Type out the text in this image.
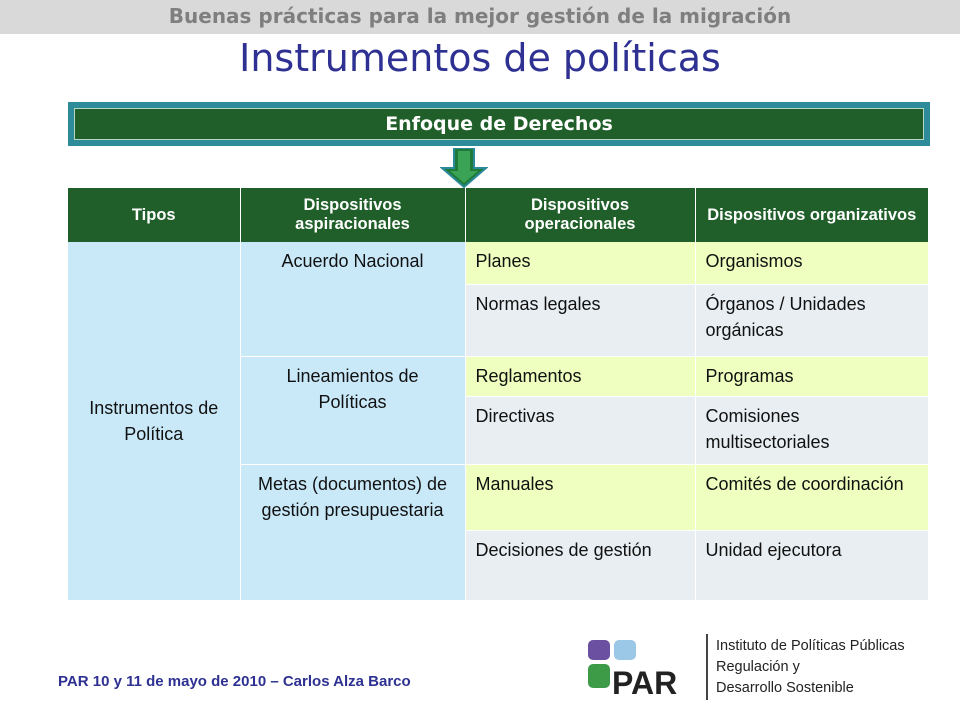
Buenas prácticas para la mejor gestión de la migración
Instrumentos de políticas
Enfoque de Derechos
Tipos	Dispositivos aspiracionales	Dispositivos operacionales	Dispositivos organizativos
Instrumentos de Política	Acuerdo Nacional	Planes	Organismos
		Normas legales	Órganos / Unidades orgánicas
	Lineamientos de Políticas	Reglamentos	Programas
		Directivas	Comisiones multisectoriales
	Metas (documentos) de gestión presupuestaria	Manuales	Comités de coordinación
		Decisiones de gestión	Unidad ejecutora
PAR 10 y 11 de mayo de 2010 – Carlos Alza Barco	PAR
Instituto de Políticas Públicas
Regulación y
Desarrollo Sostenible
